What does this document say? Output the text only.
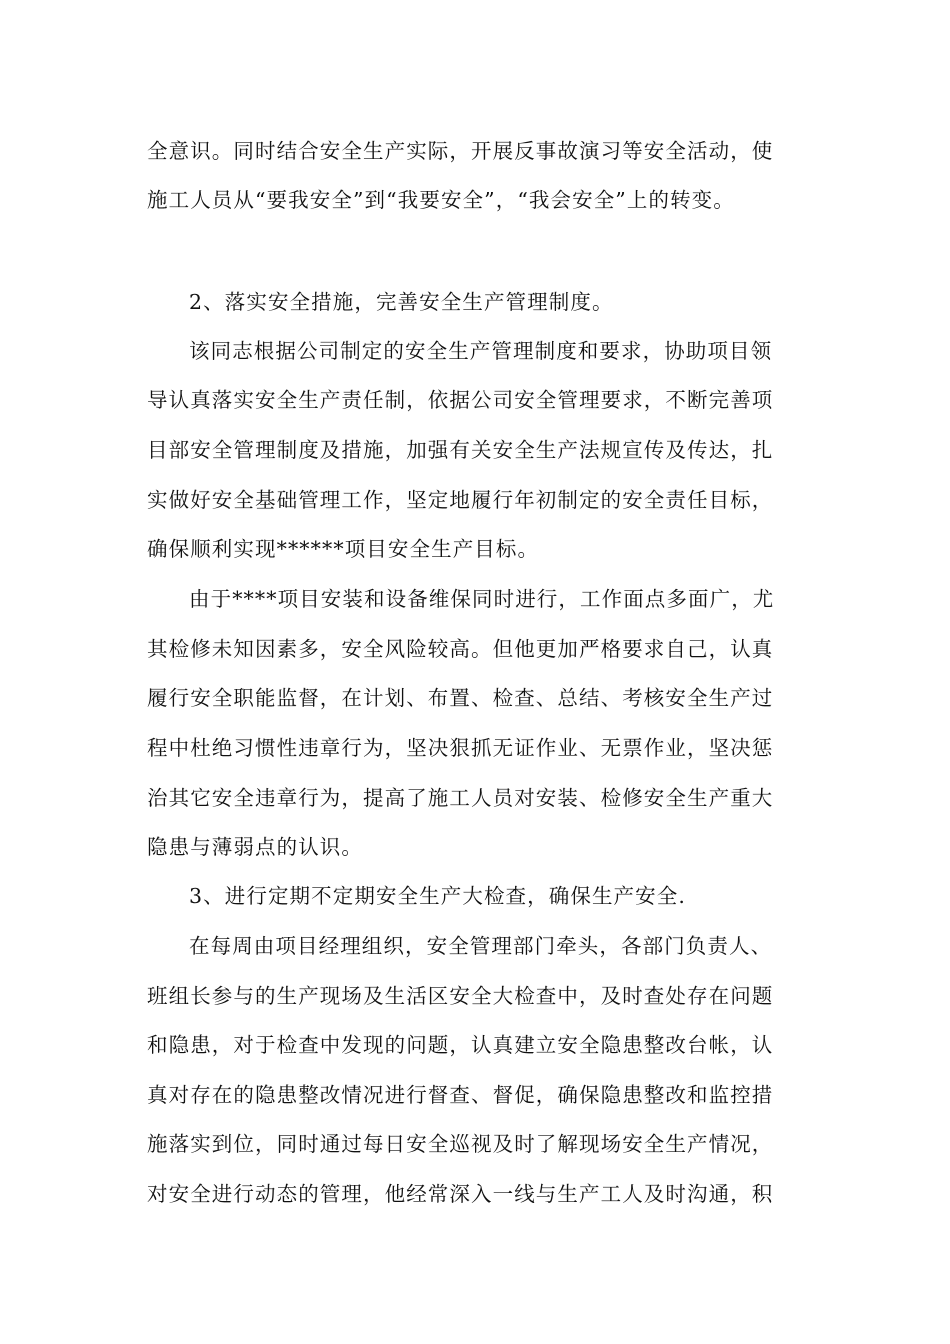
全意识。同时结合安全生产实际，开展反事故演习等安全活动，使
施工人员从“要我安全”到“我要安全”，“我会安全”上的转变。
2、落实安全措施，完善安全生产管理制度。
该同志根据公司制定的安全生产管理制度和要求，协助项目领
导认真落实安全生产责任制，依据公司安全管理要求，不断完善项
目部安全管理制度及措施，加强有关安全生产法规宣传及传达，扎
实做好安全基础管理工作，坚定地履行年初制定的安全责任目标，
确保顺利实现******项目安全生产目标。
由于****项目安装和设备维保同时进行，工作面点多面广，尤
其检修未知因素多，安全风险较高。但他更加严格要求自己，认真
履行安全职能监督，在计划、布置、检查、总结、考核安全生产过
程中杜绝习惯性违章行为，坚决狠抓无证作业、无票作业，坚决惩
治其它安全违章行为，提高了施工人员对安装、检修安全生产重大
隐患与薄弱点的认识。
3、进行定期不定期安全生产大检查，确保生产安全.
在每周由项目经理组织，安全管理部门牵头，各部门负责人、
班组长参与的生产现场及生活区安全大检查中，及时查处存在问题
和隐患，对于检查中发现的问题，认真建立安全隐患整改台帐，认
真对存在的隐患整改情况进行督查、督促，确保隐患整改和监控措
施落实到位，同时通过每日安全巡视及时了解现场安全生产情况，
对安全进行动态的管理，他经常深入一线与生产工人及时沟通，积
